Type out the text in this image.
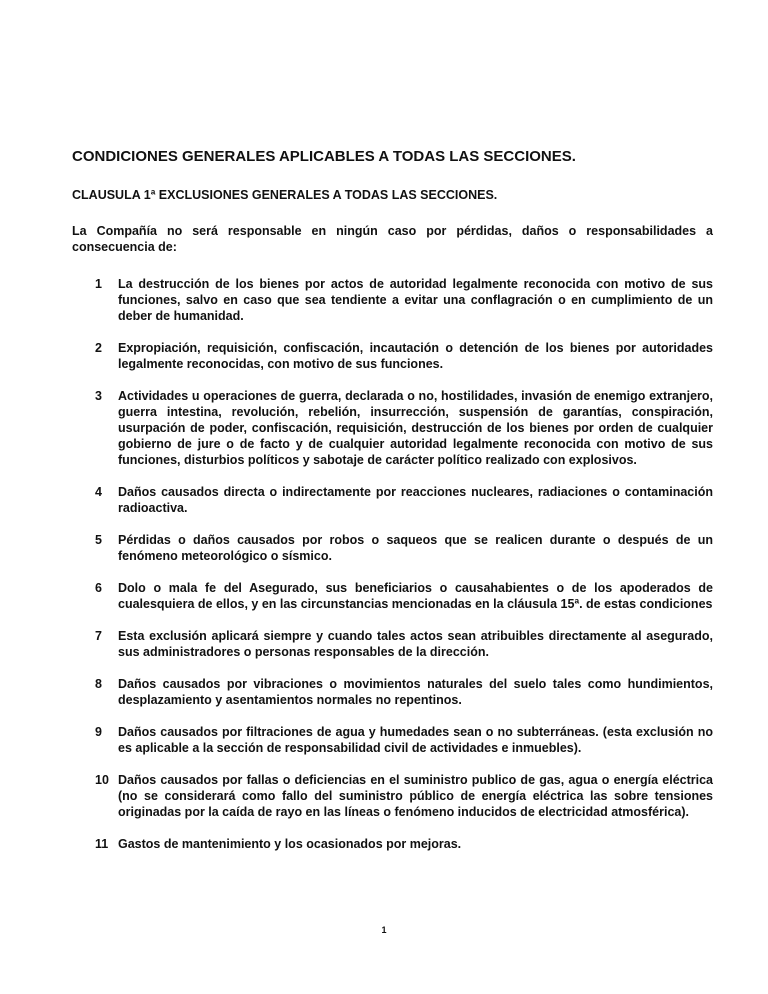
CONDICIONES GENERALES APLICABLES A TODAS LAS SECCIONES.
CLAUSULA 1ª EXCLUSIONES GENERALES A TODAS LAS SECCIONES.
La Compañía no será responsable en ningún caso por pérdidas, daños o responsabilidades a consecuencia de:
1	La destrucción de los bienes por actos de autoridad legalmente reconocida con motivo de sus funciones, salvo en caso que sea tendiente a evitar una conflagración o en cumplimiento de un deber de humanidad.
2	Expropiación, requisición, confiscación, incautación o detención de los bienes por autoridades legalmente reconocidas, con motivo de sus funciones.
3	Actividades u operaciones de guerra, declarada o no, hostilidades, invasión de enemigo extranjero, guerra intestina, revolución, rebelión, insurrección, suspensión de garantías, conspiración, usurpación de poder, confiscación, requisición, destrucción de los bienes por orden de cualquier gobierno de jure o de facto y de cualquier autoridad legalmente reconocida con motivo de sus funciones, disturbios políticos y sabotaje de carácter político realizado con explosivos.
4	Daños causados directa o indirectamente por reacciones nucleares, radiaciones o contaminación radioactiva.
5	Pérdidas o daños causados por robos o saqueos que se realicen durante o después de un fenómeno meteorológico o sísmico.
6	Dolo o mala fe del Asegurado, sus beneficiarios o causahabientes o de los apoderados de cualesquiera de ellos, y en las circunstancias mencionadas en la cláusula 15ª. de estas condiciones
7	Esta exclusión aplicará siempre y cuando tales actos sean atribuibles directamente al asegurado, sus administradores o personas responsables de la dirección.
8	Daños causados por vibraciones o movimientos naturales del suelo tales como hundimientos, desplazamiento y asentamientos normales no repentinos.
9	Daños causados por filtraciones de agua y humedades sean o no subterráneas. (esta exclusión no es aplicable a la sección de responsabilidad civil de actividades e inmuebles).
10 Daños causados por fallas o deficiencias en el suministro publico de gas, agua o energía eléctrica (no se considerará como fallo del suministro público de energía eléctrica las sobre tensiones originadas por la caída de rayo en las líneas o fenómeno inducidos de electricidad atmosférica).
11 Gastos de mantenimiento y los ocasionados por mejoras.
1
